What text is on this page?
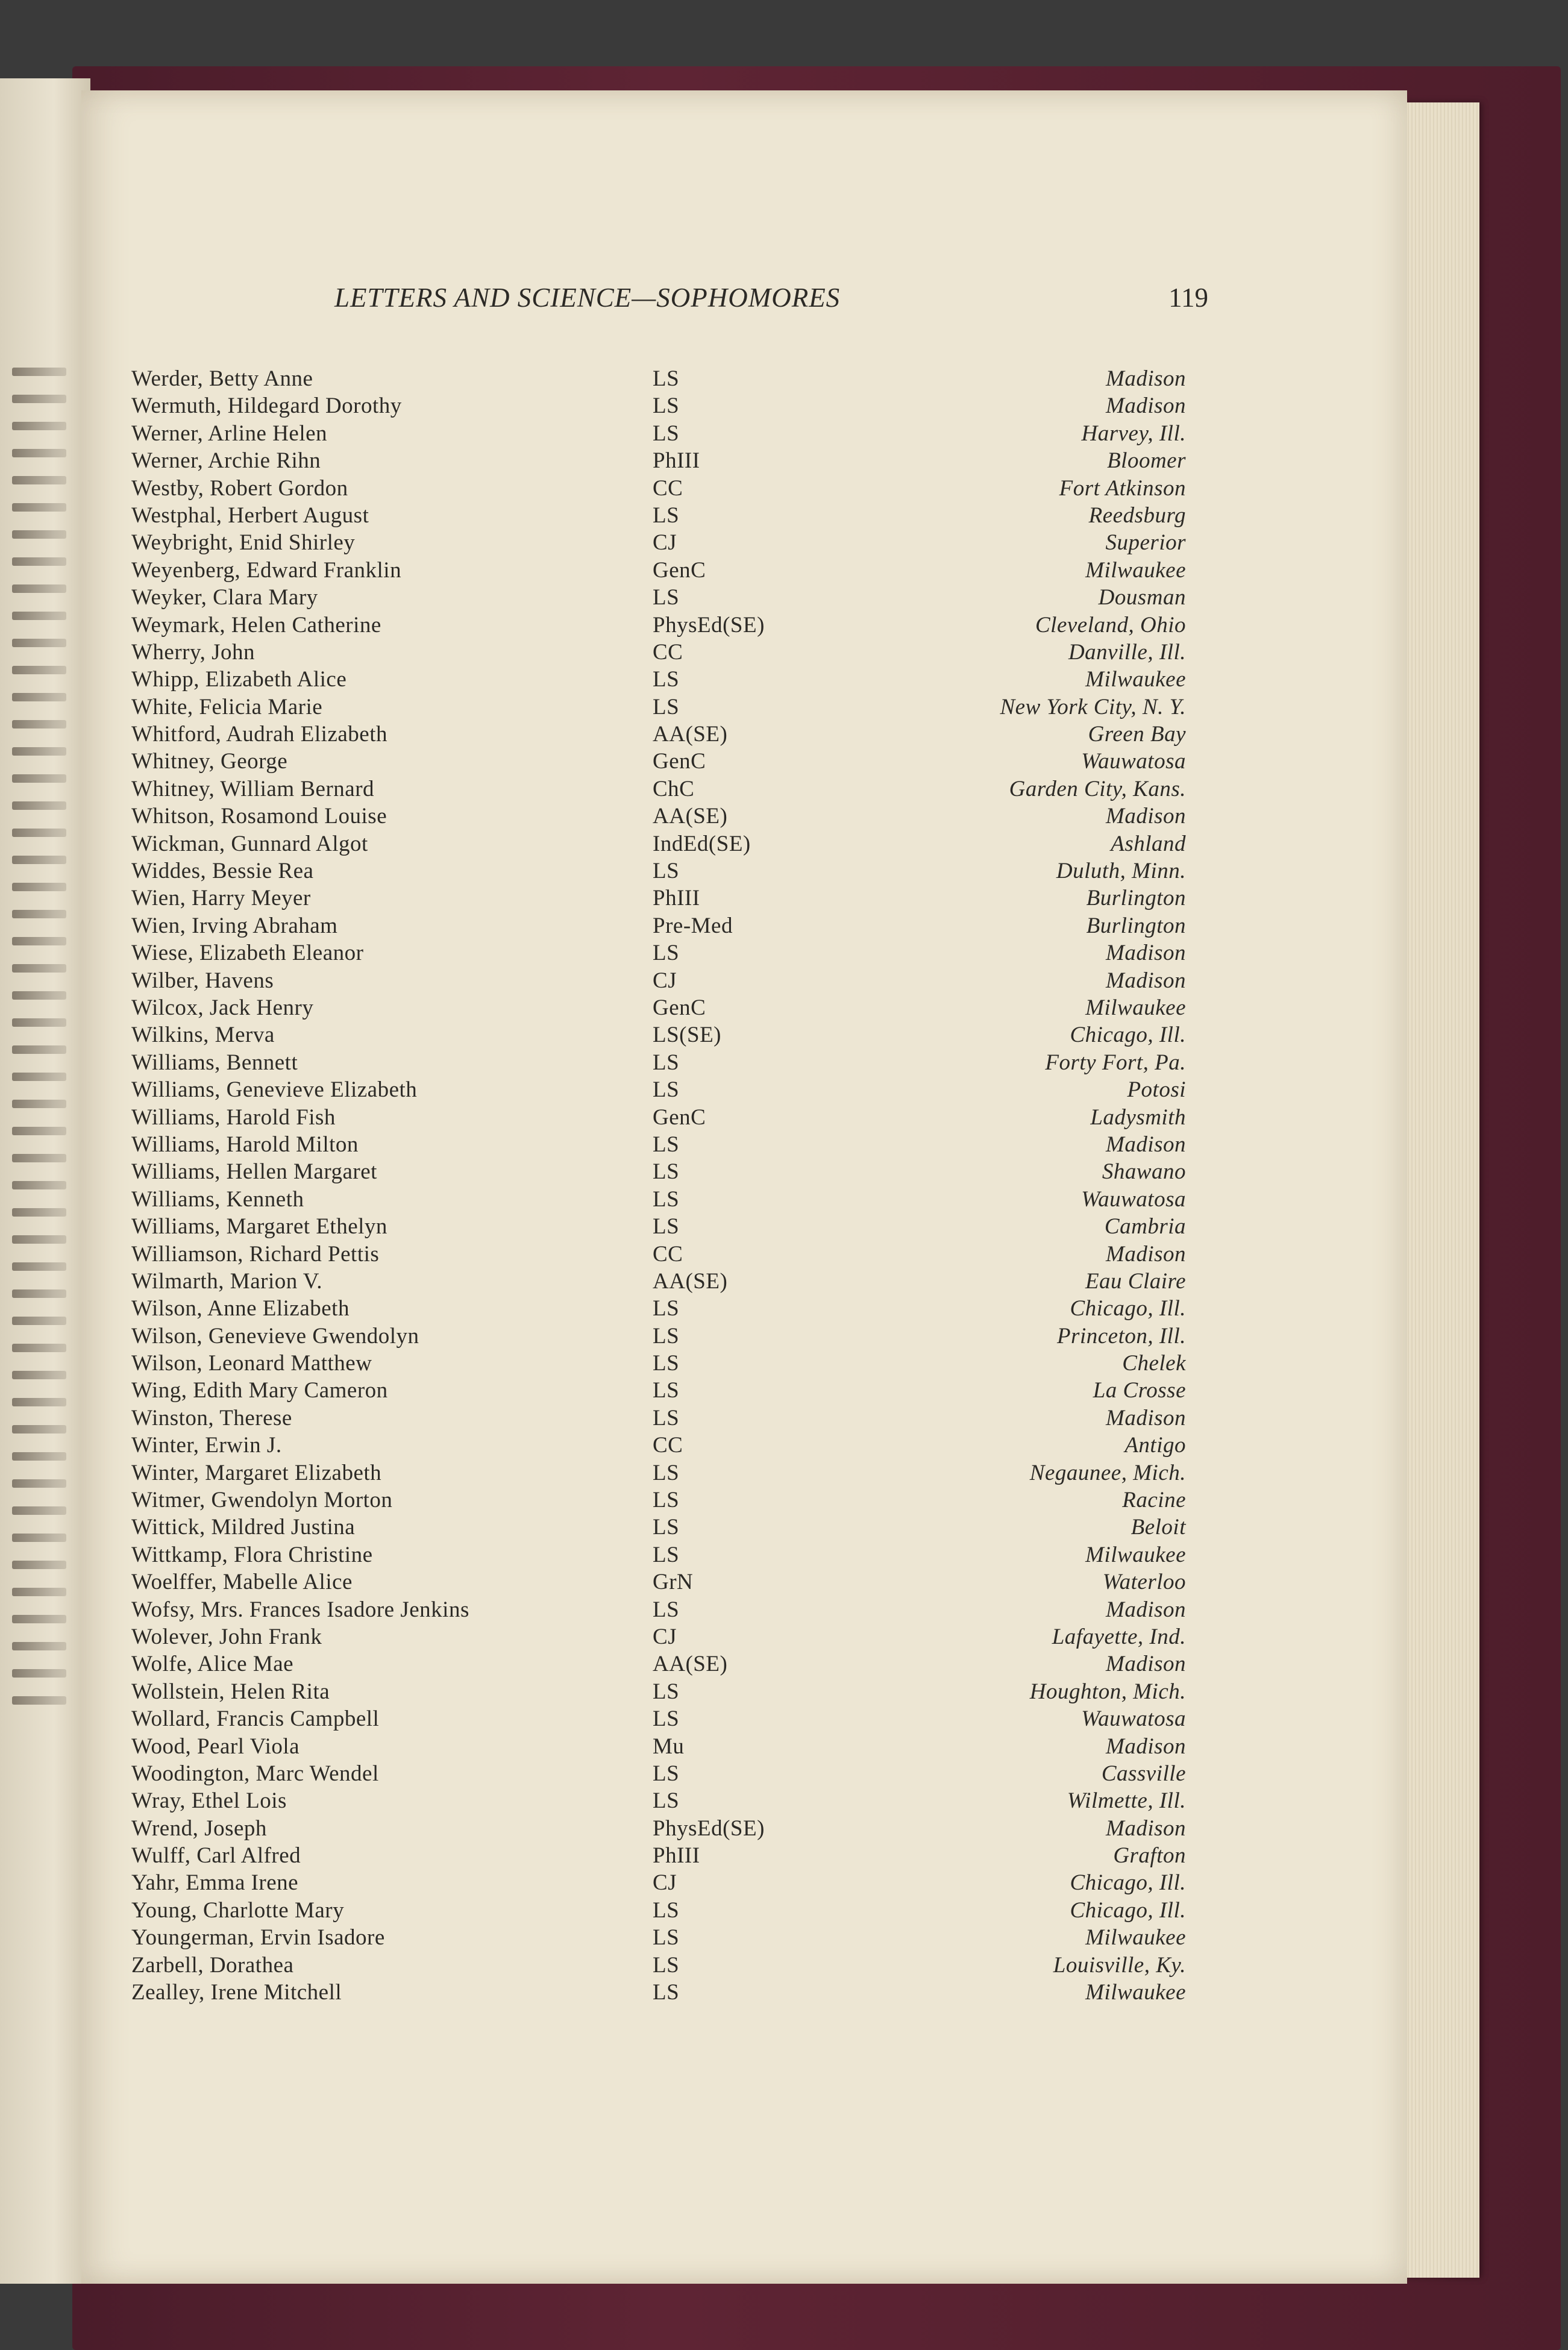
LETTERS AND SCIENCE—SOPHOMORES	119
Werder, Betty Anne	LS	Madison
Wermuth, Hildegard Dorothy	LS	Madison
Werner, Arline Helen	LS	Harvey, Ill.
Werner, Archie Rihn	PhIII	Bloomer
Westby, Robert Gordon	CC	Fort Atkinson
Westphal, Herbert August	LS	Reedsburg
Weybright, Enid Shirley	CJ	Superior
Weyenberg, Edward Franklin	GenC	Milwaukee
Weyker, Clara Mary	LS	Dousman
Weymark, Helen Catherine	PhysEd(SE)	Cleveland, Ohio
Wherry, John	CC	Danville, Ill.
Whipp, Elizabeth Alice	LS	Milwaukee
White, Felicia Marie	LS	New York City, N. Y.
Whitford, Audrah Elizabeth	AA(SE)	Green Bay
Whitney, George	GenC	Wauwatosa
Whitney, William Bernard	ChC	Garden City, Kans.
Whitson, Rosamond Louise	AA(SE)	Madison
Wickman, Gunnard Algot	IndEd(SE)	Ashland
Widdes, Bessie Rea	LS	Duluth, Minn.
Wien, Harry Meyer	PhIII	Burlington
Wien, Irving Abraham	Pre-Med	Burlington
Wiese, Elizabeth Eleanor	LS	Madison
Wilber, Havens	CJ	Madison
Wilcox, Jack Henry	GenC	Milwaukee
Wilkins, Merva	LS(SE)	Chicago, Ill.
Williams, Bennett	LS	Forty Fort, Pa.
Williams, Genevieve Elizabeth	LS	Potosi
Williams, Harold Fish	GenC	Ladysmith
Williams, Harold Milton	LS	Madison
Williams, Hellen Margaret	LS	Shawano
Williams, Kenneth	LS	Wauwatosa
Williams, Margaret Ethelyn	LS	Cambria
Williamson, Richard Pettis	CC	Madison
Wilmarth, Marion V.	AA(SE)	Eau Claire
Wilson, Anne Elizabeth	LS	Chicago, Ill.
Wilson, Genevieve Gwendolyn	LS	Princeton, Ill.
Wilson, Leonard Matthew	LS	Chelek
Wing, Edith Mary Cameron	LS	La Crosse
Winston, Therese	LS	Madison
Winter, Erwin J.	CC	Antigo
Winter, Margaret Elizabeth	LS	Negaunee, Mich.
Witmer, Gwendolyn Morton	LS	Racine
Wittick, Mildred Justina	LS	Beloit
Wittkamp, Flora Christine	LS	Milwaukee
Woelffer, Mabelle Alice	GrN	Waterloo
Wofsy, Mrs. Frances Isadore Jenkins	LS	Madison
Wolever, John Frank	CJ	Lafayette, Ind.
Wolfe, Alice Mae	AA(SE)	Madison
Wollstein, Helen Rita	LS	Houghton, Mich.
Wollard, Francis Campbell	LS	Wauwatosa
Wood, Pearl Viola	Mu	Madison
Woodington, Marc Wendel	LS	Cassville
Wray, Ethel Lois	LS	Wilmette, Ill.
Wrend, Joseph	PhysEd(SE)	Madison
Wulff, Carl Alfred	PhIII	Grafton
Yahr, Emma Irene	CJ	Chicago, Ill.
Young, Charlotte Mary	LS	Chicago, Ill.
Youngerman, Ervin Isadore	LS	Milwaukee
Zarbell, Dorathea	LS	Louisville, Ky.
Zealley, Irene Mitchell	LS	Milwaukee
